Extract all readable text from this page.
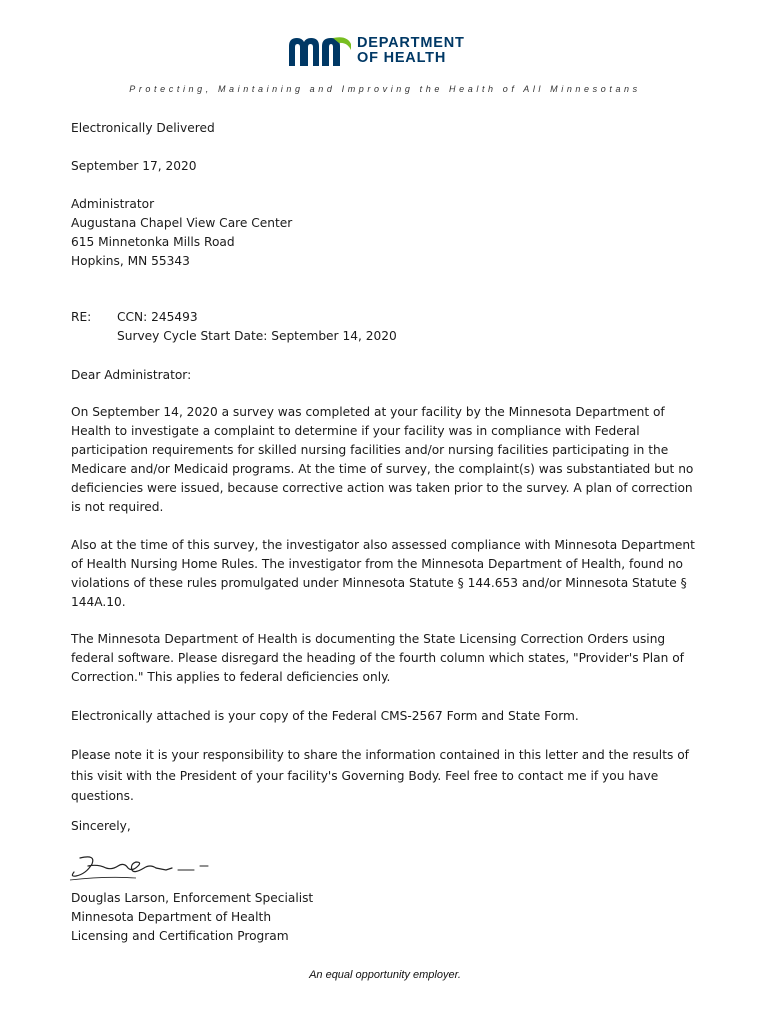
DEPARTMENT
OF HEALTH
Protecting, Maintaining and Improving the Health of All Minnesotans
Electronically Delivered
September 17, 2020
Administrator
Augustana Chapel View Care Center
615 Minnetonka Mills Road
Hopkins, MN 55343
RE: CCN: 245493
Survey Cycle Start Date: September 14, 2020
Dear Administrator:
On September 14, 2020 a survey was completed at your facility by the Minnesota Department of
Health to investigate a complaint to determine if your facility was in compliance with Federal
participation requirements for skilled nursing facilities and/or nursing facilities participating in the
Medicare and/or Medicaid programs. At the time of survey, the complaint(s) was substantiated but no
deficiencies were issued, because corrective action was taken prior to the survey. A plan of correction
is not required.
Also at the time of this survey, the investigator also assessed compliance with Minnesota Department
of Health Nursing Home Rules. The investigator from the Minnesota Department of Health, found no
violations of these rules promulgated under Minnesota Statute § 144.653 and/or Minnesota Statute §
144A.10.
The Minnesota Department of Health is documenting the State Licensing Correction Orders using
federal software. Please disregard the heading of the fourth column which states, "Provider's Plan of
Correction." This applies to federal deficiencies only.
Electronically attached is your copy of the Federal CMS-2567 Form and State Form.
Please note it is your responsibility to share the information contained in this letter and the results of
this visit with the President of your facility's Governing Body. Feel free to contact me if you have
questions.
Sincerely,
Douglas Larson, Enforcement Specialist
Minnesota Department of Health
Licensing and Certification Program
An equal opportunity employer.
